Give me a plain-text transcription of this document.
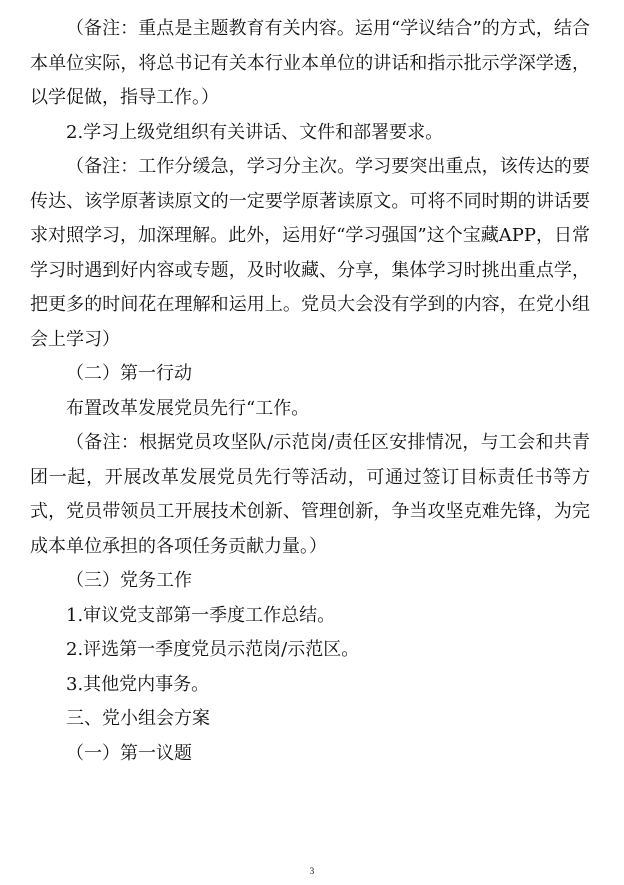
（备注：重点是主题教育有关内容。运用“学议结合”的方式，结合本单位实际，将总书记有关本行业本单位的讲话和指示批示学深学透，以学促做，指导工作。）

2.学习上级党组织有关讲话、文件和部署要求。

（备注：工作分缓急，学习分主次。学习要突出重点，该传达的要传达、该学原著读原文的一定要学原著读原文。可将不同时期的讲话要求对照学习，加深理解。此外，运用好“学习强国”这个宝藏APP，日常学习时遇到好内容或专题，及时收藏、分享，集体学习时挑出重点学，把更多的时间花在理解和运用上。党员大会没有学到的内容，在党小组会上学习）

（二）第一行动

布置改革发展党员先行“工作。

（备注：根据党员攻坚队/示范岗/责任区安排情况，与工会和共青团一起，开展改革发展党员先行等活动，可通过签订目标责任书等方式，党员带领员工开展技术创新、管理创新，争当攻坚克难先锋，为完成本单位承担的各项任务贡献力量。）

（三）党务工作

1.审议党支部第一季度工作总结。

2.评选第一季度党员示范岗/示范区。

3.其他党内事务。

三、党小组会方案

（一）第一议题

3
